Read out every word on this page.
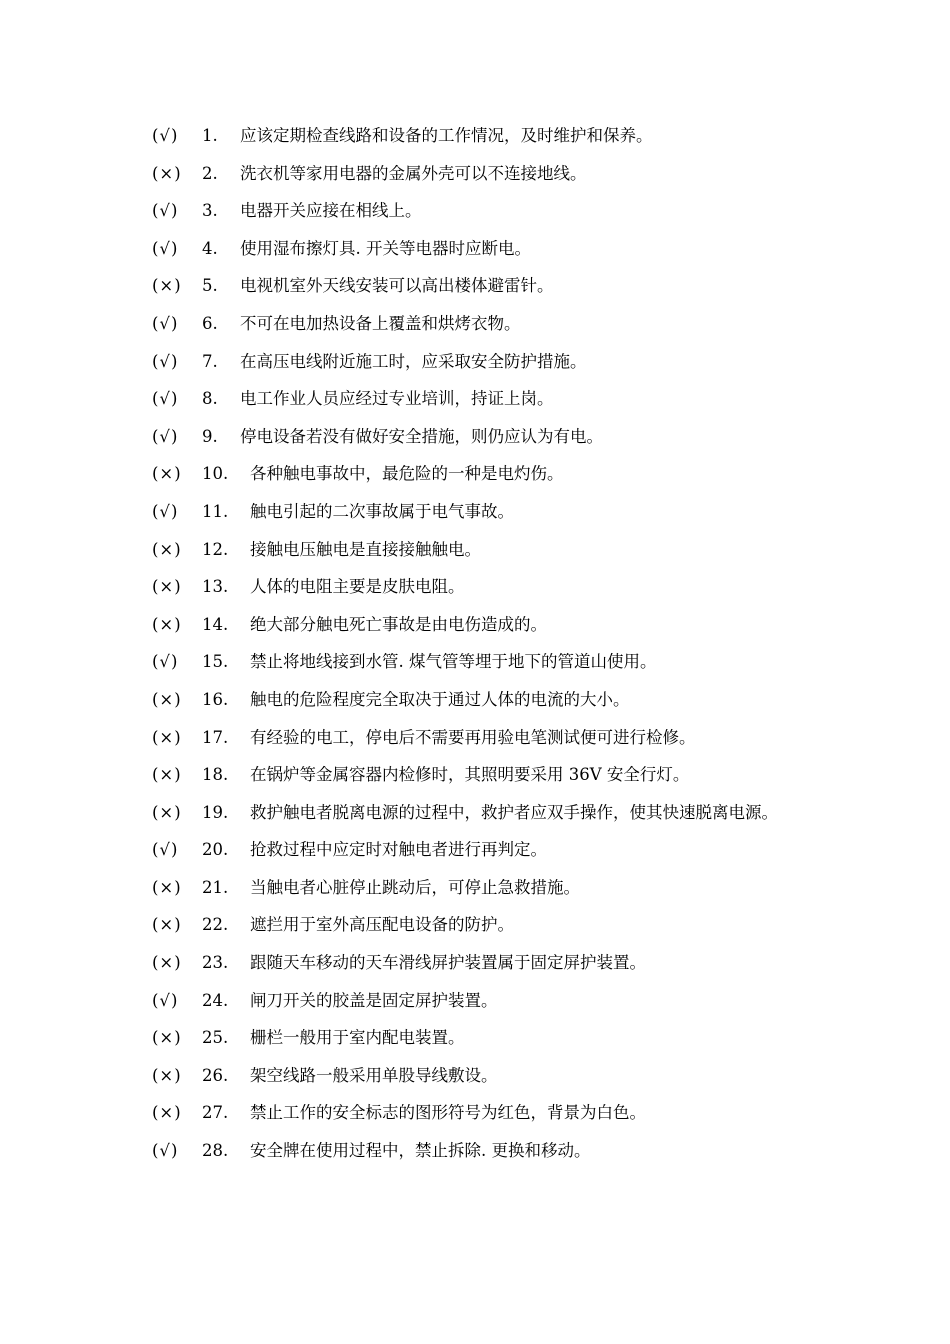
(√)	1.	应该定期检查线路和设备的工作情况，及时维护和保养。
(×)	2.	洗衣机等家用电器的金属外壳可以不连接地线。
(√)	3.	电器开关应接在相线上。
(√)	4.	使用湿布擦灯具. 开关等电器时应断电。
(×)	5.	电视机室外天线安装可以高出楼体避雷针。
(√)	6.	不可在电加热设备上覆盖和烘烤衣物。
(√)	7.	在高压电线附近施工时，应采取安全防护措施。
(√)	8.	电工作业人员应经过专业培训，持证上岗。
(√)	9.	停电设备若没有做好安全措施，则仍应认为有电。
(×)	10.	各种触电事故中，最危险的一种是电灼伤。
(√)	11.	触电引起的二次事故属于电气事故。
(×)	12.	接触电压触电是直接接触触电。
(×)	13.	人体的电阻主要是皮肤电阻。
(×)	14.	绝大部分触电死亡事故是由电伤造成的。
(√)	15.	禁止将地线接到水管. 煤气管等埋于地下的管道山使用。
(×)	16.	触电的危险程度完全取决于通过人体的电流的大小。
(×)	17.	有经验的电工，停电后不需要再用验电笔测试便可进行检修。
(×)	18.	在锅炉等金属容器内检修时，其照明要采用 36V 安全行灯。
(×)	19.	救护触电者脱离电源的过程中，救护者应双手操作，使其快速脱离电源。
(√)	20.	抢救过程中应定时对触电者进行再判定。
(×)	21.	当触电者心脏停止跳动后，可停止急救措施。
(×)	22.	遮拦用于室外高压配电设备的防护。
(×)	23.	跟随天车移动的天车滑线屏护装置属于固定屏护装置。
(√)	24.	闸刀开关的胶盖是固定屏护装置。
(×)	25.	栅栏一般用于室内配电装置。
(×)	26.	架空线路一般采用单股导线敷设。
(×)	27.	禁止工作的安全标志的图形符号为红色，背景为白色。
(√)	28.	安全牌在使用过程中，禁止拆除. 更换和移动。
